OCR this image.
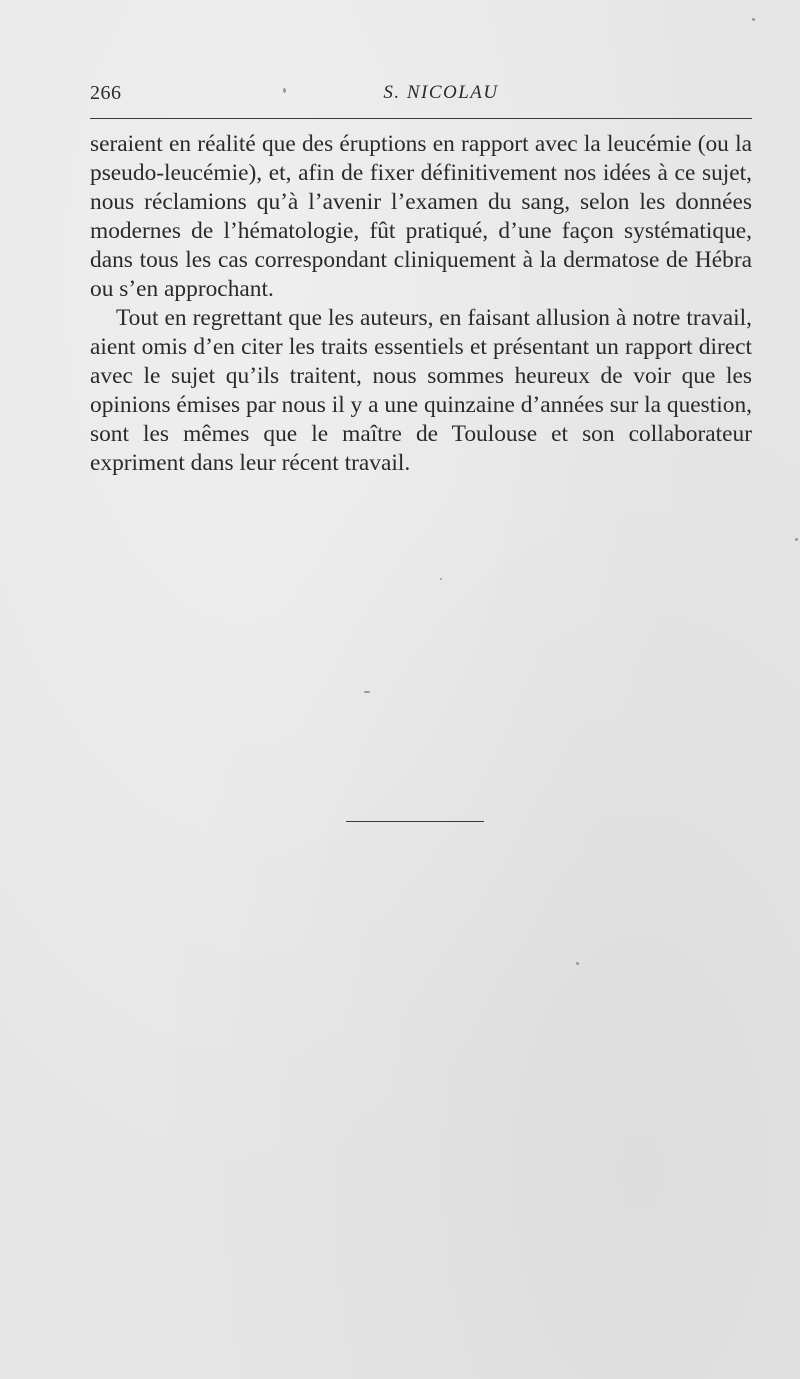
266	S. NICOLAU

seraient en réalité que des éruptions en rapport avec la leucémie (ou la pseudo-leucémie), et, afin de fixer définitivement nos idées à ce sujet, nous réclamions qu’à l’avenir l’examen du sang, selon les données modernes de l’hématologie, fût pratiqué, d’une façon systématique, dans tous les cas correspondant cliniquement à la dermatose de Hébra ou s’en approchant.

Tout en regrettant que les auteurs, en faisant allusion à notre travail, aient omis d’en citer les traits essentiels et présentant un rapport direct avec le sujet qu’ils traitent, nous sommes heureux de voir que les opinions émises par nous il y a une quinzaine d’années sur la question, sont les mêmes que le maître de Toulouse et son collaborateur expriment dans leur récent travail.
